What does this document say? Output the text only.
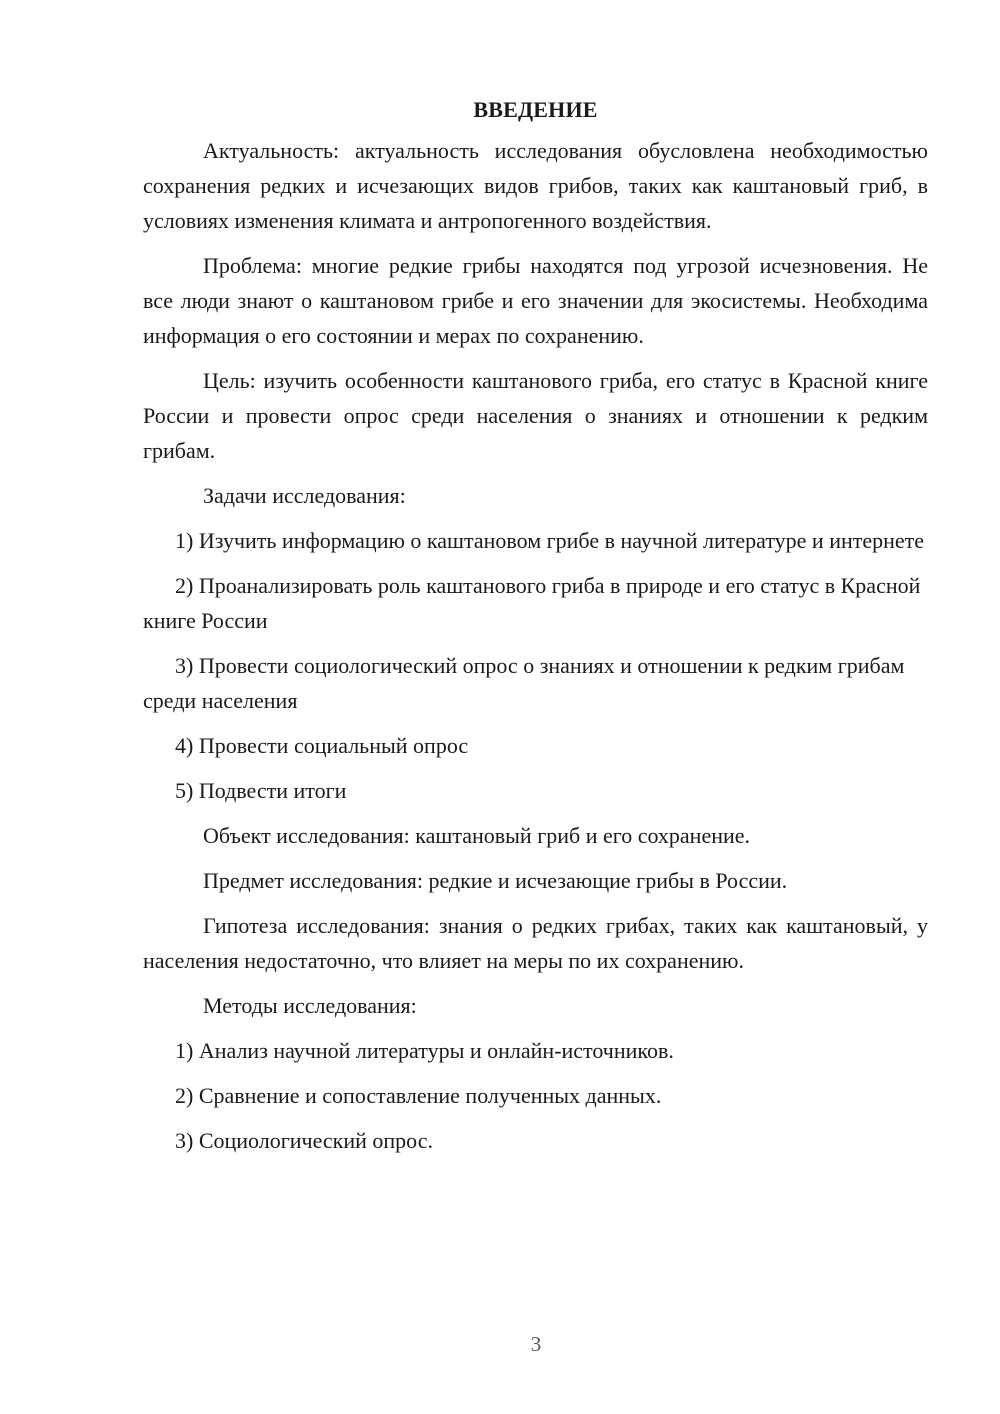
ВВЕДЕНИЕ

Актуальность: актуальность исследования обусловлена необходимостью сохранения редких и исчезающих видов грибов, таких как каштановый гриб, в условиях изменения климата и антропогенного воздействия.

Проблема: многие редкие грибы находятся под угрозой исчезновения. Не все люди знают о каштановом грибе и его значении для экосистемы. Необходима информация о его состоянии и мерах по сохранению.

Цель: изучить особенности каштанового гриба, его статус в Красной книге России и провести опрос среди населения о знаниях и отношении к редким грибам.

Задачи исследования:

1) Изучить информацию о каштановом грибе в научной литературе и интернете

2) Проанализировать роль каштанового гриба в природе и его статус в Красной книге России

3) Провести социологический опрос о знаниях и отношении к редким грибам среди населения

4) Провести социальный опрос

5) Подвести итоги

Объект исследования: каштановый гриб и его сохранение.

Предмет исследования: редкие и исчезающие грибы в России.

Гипотеза исследования: знания о редких грибах, таких как каштановый, у населения недостаточно, что влияет на меры по их сохранению.

Методы исследования:

1) Анализ научной литературы и онлайн-источников.

2) Сравнение и сопоставление полученных данных.

3) Социологический опрос.

3
